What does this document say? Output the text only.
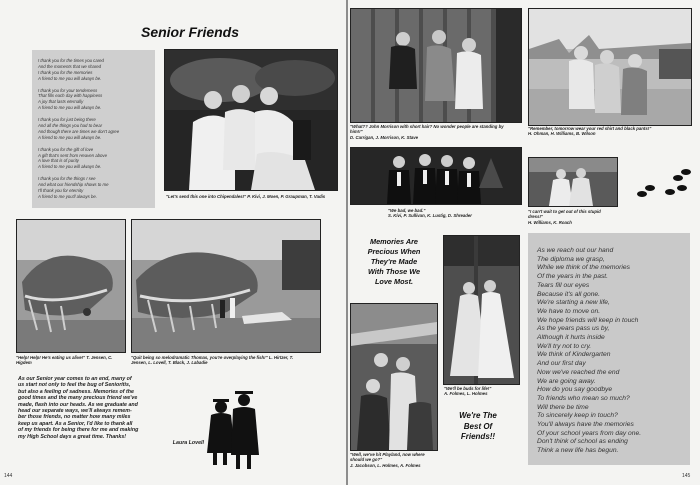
Senior Friends
I thank you for the times you cared
And the moments that we shared
I thank you for the memories
A friend to me you will always be.

I thank you for your tenderness
That fills each day with happiness
A joy that lasts eternally
A friend to me you will always be.

I thank you for just being there
And all the things you had to bear
And though there are times we don't agree
A friend to me you will always be.

I thank you for the gift of love
A gift that's sent from Heaven above
A love that is of purity
A friend to me you will always be.

I thank you for the things I see
And what our friendship shows to me
I'll thank you for eternity
A friend to me you'll always be.	"Let's send this one into Chipendales!" P. Kivi, J. Moen, P. Graupman, T. Vadis
"Help! Help! He's eating us alive!" T. Jensen, C.
Higdem
"Quit being so melodramatic Thomas, you're overplaying the fish!" L. Hirtzer, T.
Jensen, L. Lovell, T. Black, J. Labadie
As our Senior year comes to an end, many of
us start not only to feel the bug of Senioritis,
but also a feeling of sadness. Memories of the
good times and the many precious friend we've
made, flash into our heads. As we graduate and
head our separate ways, we'll always remem-
ber those friends, no matter how many miles
keep us apart. As a Senior, I'd like to thank all
of my friends for being there for me and making
my High School days a great time. Thanks!
Laura Lovell
144
"What?? John Morrison with short hair? No wonder people are standing by
him!!"
D. Carrigan, J. Morrison, K. Stave
"Remember, tomorrow wear your red shirt and black pants!"
H. Ohman, H. Williams, B. Wilson
"We bad, we bad."
S. Kivi, P. Sullivan, K. Lustig, D. Shreader
"I can't wait to get out of this stupid
dress!"
H. Williams, K. Roach
Memories Are
Precious When
They're Made
With Those We
Love Most.
"We'll be buds for life!"
A. Folmes, L. Holmes
"Well, we've hit Playland, now where
should we go?"
J. Jacobson, L. Holmes, A. Folmes
We're The
Best Of
Friends!!
As we reach out our hand
The diploma we grasp,
While we think of the memories
Of the years in the past.
Tears fill our eyes
Because it's all gone.
We're starting a new life,
We have to move on.
We hope friends will keep in touch
As the years pass us by,
Although it hurts inside
We'll try not to cry.
We think of Kindergarten
And our first day
Now we've reached the end
We are going away.
How do you say goodbye
To friends who mean so much?
Will there be time
To sincerely keep in touch?
You'll always have the memories
Of your school years from day one.
Don't think of school as ending
Think a new life has begun.
145
